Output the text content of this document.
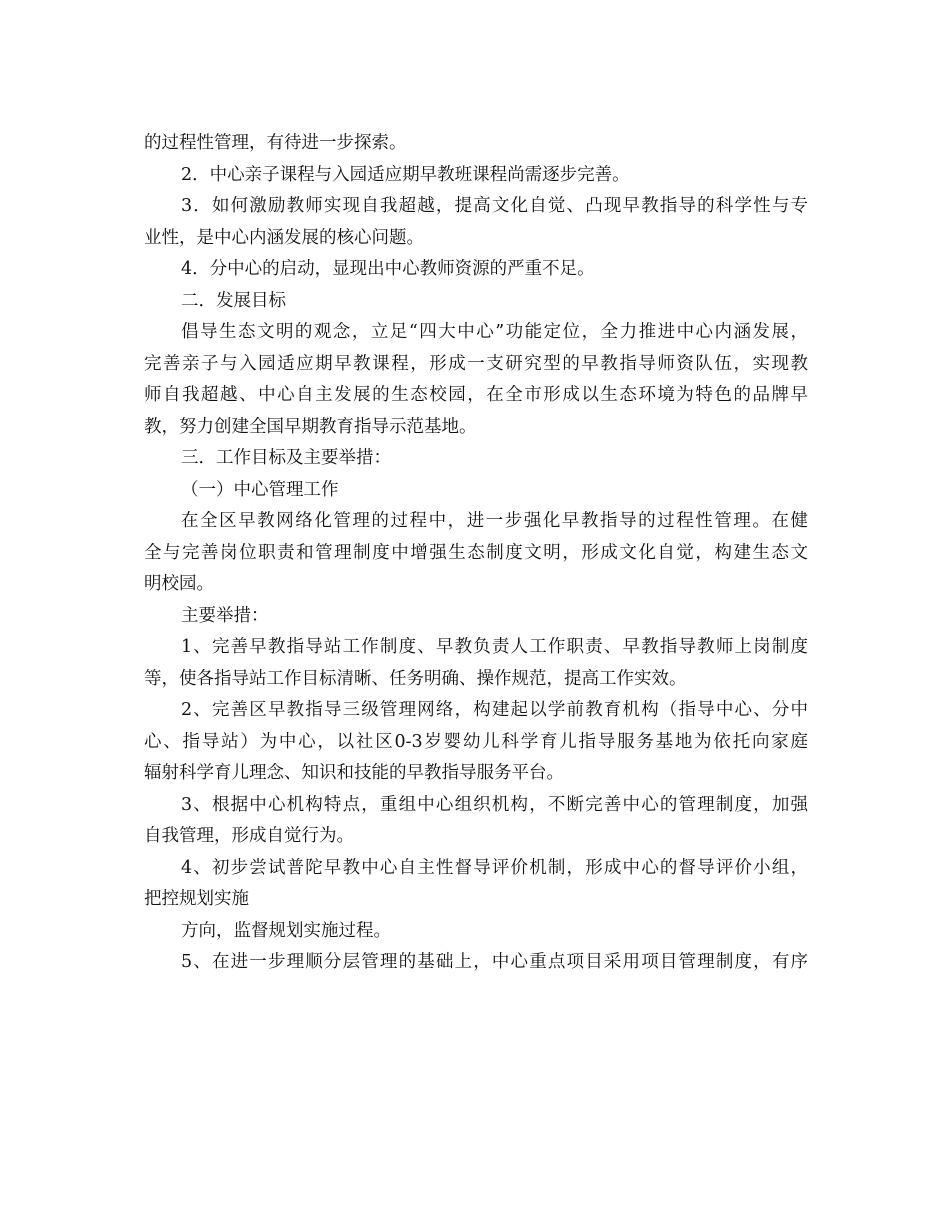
的过程性管理，有待进一步探索。
2．中心亲子课程与入园适应期早教班课程尚需逐步完善。
3．如何激励教师实现自我超越，提高文化自觉、凸现早教指导的科学性与专
业性，是中心内涵发展的核心问题。
4．分中心的启动，显现出中心教师资源的严重不足。
二．发展目标
倡导生态文明的观念，立足“四大中心”功能定位，全力推进中心内涵发展，
完善亲子与入园适应期早教课程，形成一支研究型的早教指导师资队伍，实现教
师自我超越、中心自主发展的生态校园，在全市形成以生态环境为特色的品牌早
教，努力创建全国早期教育指导示范基地。
三．工作目标及主要举措：
（一）中心管理工作
在全区早教网络化管理的过程中，进一步强化早教指导的过程性管理。在健
全与完善岗位职责和管理制度中增强生态制度文明，形成文化自觉，构建生态文
明校园。
主要举措：
1、完善早教指导站工作制度、早教负责人工作职责、早教指导教师上岗制度
等，使各指导站工作目标清晰、任务明确、操作规范，提高工作实效。
2、完善区早教指导三级管理网络，构建起以学前教育机构（指导中心、分中
心、指导站）为中心，以社区0-3岁婴幼儿科学育儿指导服务基地为依托向家庭
辐射科学育儿理念、知识和技能的早教指导服务平台。
3、根据中心机构特点，重组中心组织机构，不断完善中心的管理制度，加强
自我管理，形成自觉行为。
4、初步尝试普陀早教中心自主性督导评价机制，形成中心的督导评价小组，
把控规划实施
方向，监督规划实施过程。
5、在进一步理顺分层管理的基础上，中心重点项目采用项目管理制度，有序
